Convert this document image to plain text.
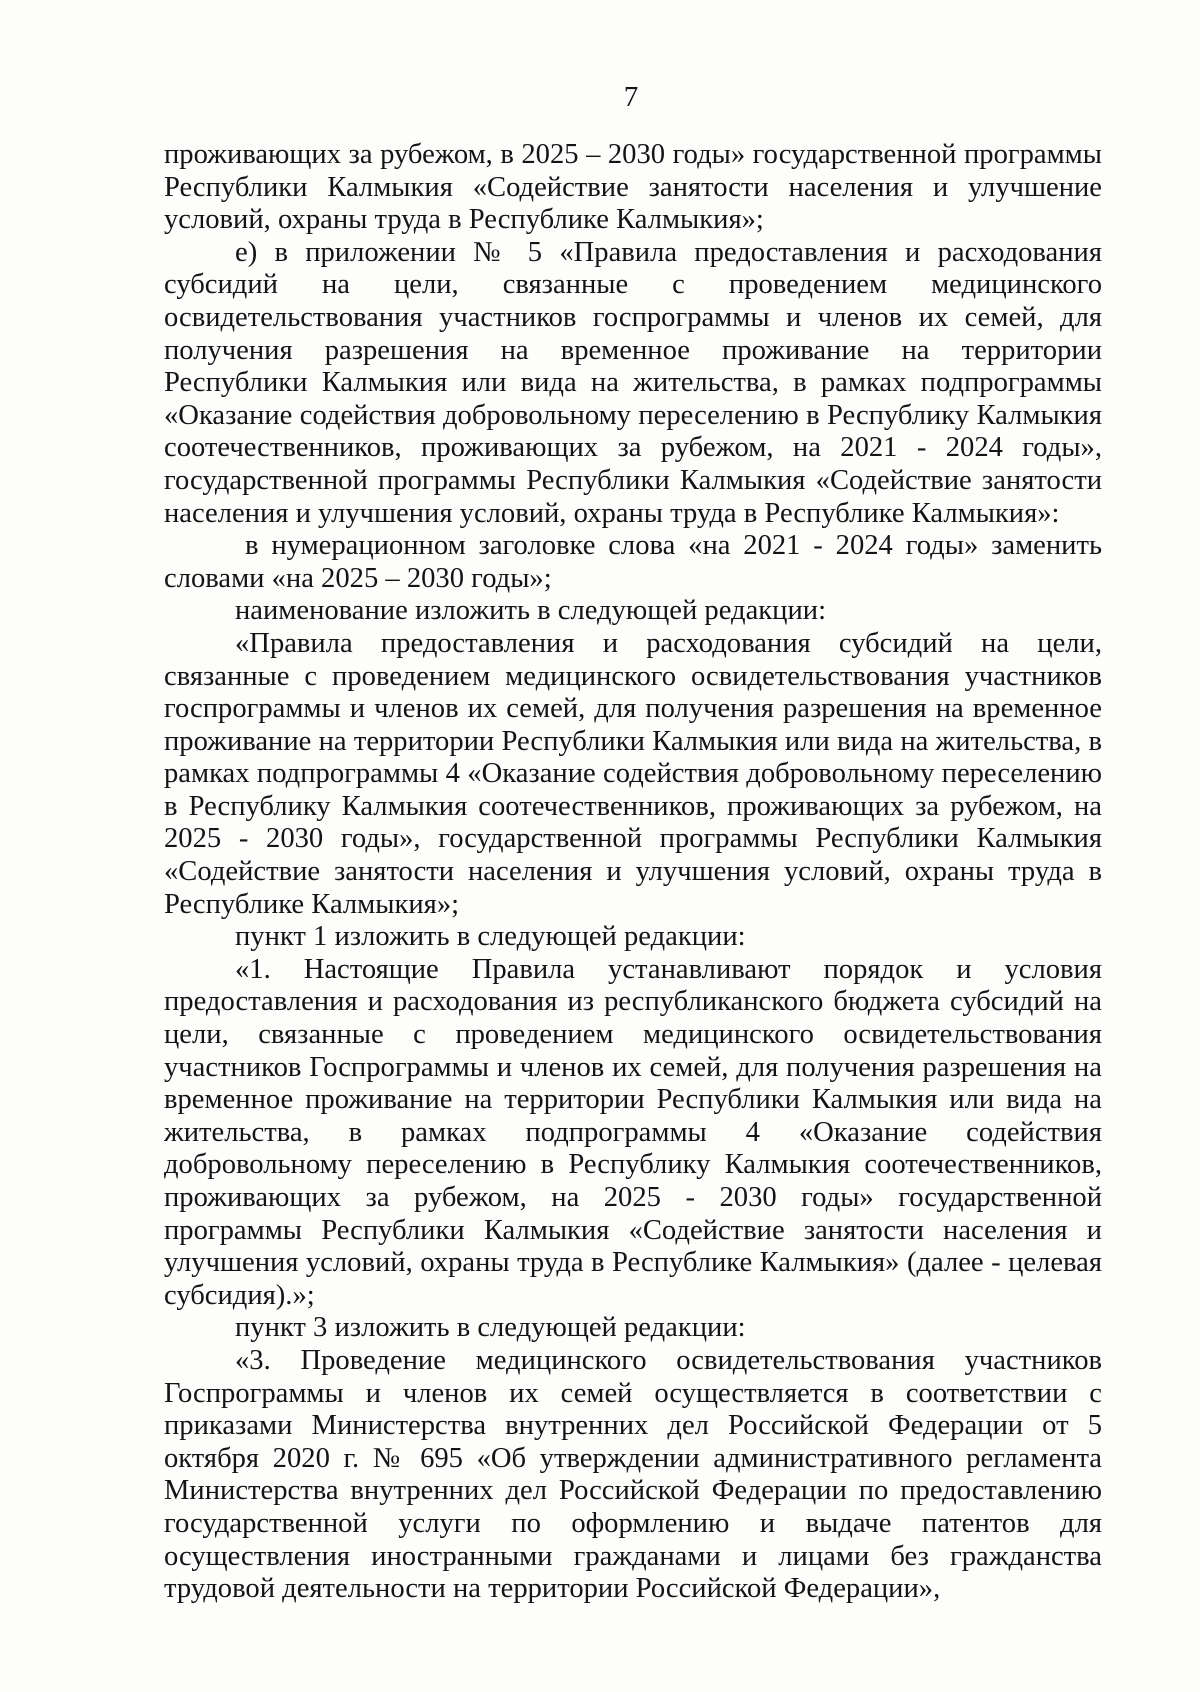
7

проживающих за рубежом, в 2025 – 2030 годы» государственной программы Республики Калмыкия «Содействие занятости населения и улучшение условий, охраны труда в Республике Калмыкия»;

е) в приложении № 5 «Правила предоставления и расходования субсидий на цели, связанные с проведением медицинского освидетельствования участников госпрограммы и членов их семей, для получения разрешения на временное проживание на территории Республики Калмыкия или вида на жительства, в рамках подпрограммы «Оказание содействия добровольному переселению в Республику Калмыкия соотечественников, проживающих за рубежом, на 2021 - 2024 годы», государственной программы Республики Калмыкия «Содействие занятости населения и улучшения условий, охраны труда в Республике Калмыкия»:

в нумерационном заголовке слова «на 2021 - 2024 годы» заменить словами «на 2025 – 2030 годы»;

наименование изложить в следующей редакции:

«Правила предоставления и расходования субсидий на цели, связанные с проведением медицинского освидетельствования участников госпрограммы и членов их семей, для получения разрешения на временное проживание на территории Республики Калмыкия или вида на жительства, в рамках подпрограммы 4 «Оказание содействия добровольному переселению в Республику Калмыкия соотечественников, проживающих за рубежом, на 2025 - 2030 годы», государственной программы Республики Калмыкия «Содействие занятости населения и улучшения условий, охраны труда в Республике Калмыкия»;

пункт 1 изложить в следующей редакции:

«1. Настоящие Правила устанавливают порядок и условия предоставления и расходования из республиканского бюджета субсидий на цели, связанные с проведением медицинского освидетельствования участников Госпрограммы и членов их семей, для получения разрешения на временное проживание на территории Республики Калмыкия или вида на жительства, в рамках подпрограммы 4 «Оказание содействия добровольному переселению в Республику Калмыкия соотечественников, проживающих за рубежом, на 2025 - 2030 годы» государственной программы Республики Калмыкия «Содействие занятости населения и улучшения условий, охраны труда в Республике Калмыкия» (далее - целевая субсидия).»;

пункт 3 изложить в следующей редакции:

«3. Проведение медицинского освидетельствования участников Госпрограммы и членов их семей осуществляется в соответствии с приказами Министерства внутренних дел Российской Федерации от 5 октября 2020 г. № 695 «Об утверждении административного регламента Министерства внутренних дел Российской Федерации по предоставлению государственной услуги по оформлению и выдаче патентов для осуществления иностранными гражданами и лицами без гражданства трудовой деятельности на территории Российской Федерации»,
